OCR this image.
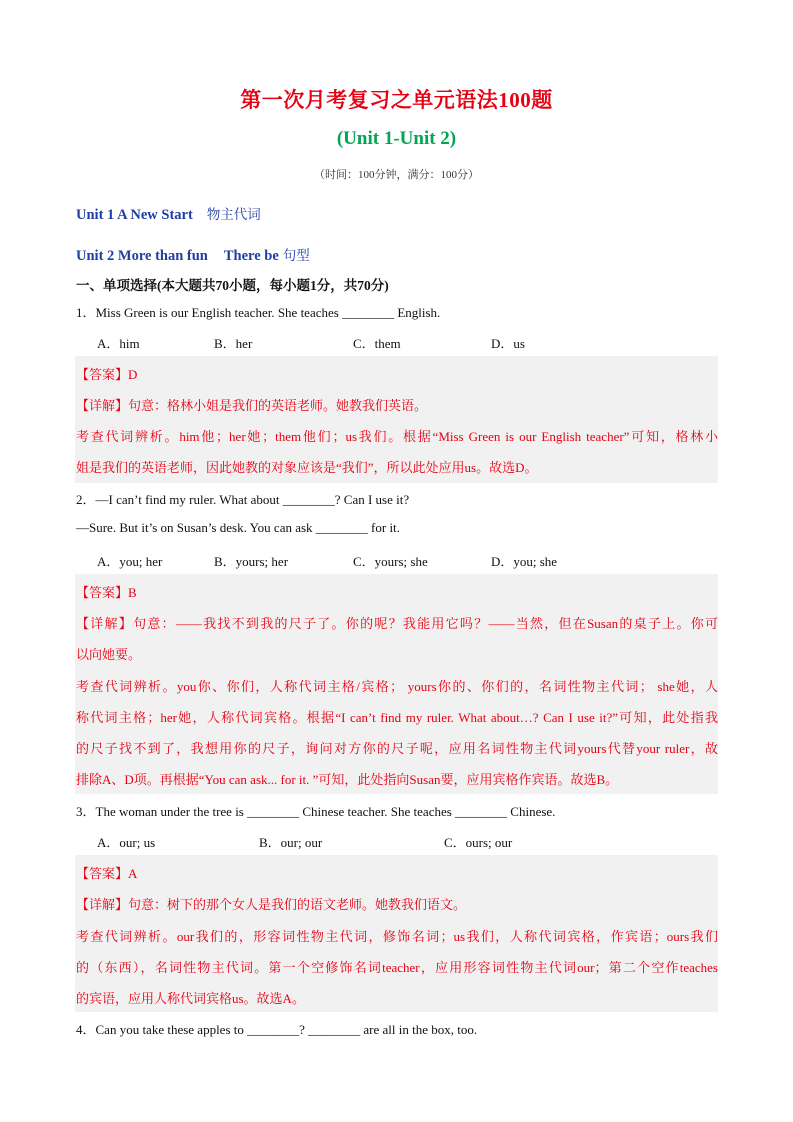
第一次月考复习之单元语法100题
(Unit 1-Unit 2)
（时间：100分钟，满分：100分）
Unit 1 A New Start 物主代词
Unit 2 More than fun There be 句型
一、单项选择(本大题共70小题，每小题1分，共70分)
1．Miss Green is our English teacher. She teaches ________ English.
A．him	B．her	C．them	D．us
【答案】D
【详解】句意：格林小姐是我们的英语老师。她教我们英语。
考查代词辨析。him他；her她；them他们；us我们。根据“Miss Green is our English teacher”可知，格林小
姐是我们的英语老师，因此她教的对象应该是“我们”，所以此处应用us。故选D。
2．—I can’t find my ruler. What about ________? Can I use it?
—Sure. But it’s on Susan’s desk. You can ask ________ for it.
A．you; her	B．yours; her	C．yours; she	D．you; she
【答案】B
【详解】句意：——我找不到我的尺子了。你的呢？我能用它吗？——当然，但在Susan的桌子上。你可
以向她要。
考查代词辨析。you你、你们，人称代词主格/宾格； yours你的、你们的，名词性物主代词； she她，人
称代词主格；her她，人称代词宾格。根据“I can’t find my ruler. What about…? Can I use it?”可知，此处指我
的尺子找不到了，我想用你的尺子，询问对方你的尺子呢，应用名词性物主代词yours代替your ruler，故
排除A、D项。再根据“You can ask... for it. ”可知，此处指向Susan要，应用宾格作宾语。故选B。
3．The woman under the tree is ________ Chinese teacher. She teaches ________ Chinese.
A．our; us	B．our; our	C．ours; our
【答案】A
【详解】句意：树下的那个女人是我们的语文老师。她教我们语文。
考查代词辨析。our我们的，形容词性物主代词，修饰名词；us我们，人称代词宾格，作宾语；ours我们
的（东西），名词性物主代词。第一个空修饰名词teacher，应用形容词性物主代词our；第二个空作teaches
的宾语，应用人称代词宾格us。故选A。
4．Can you take these apples to ________? ________ are all in the box, too.
